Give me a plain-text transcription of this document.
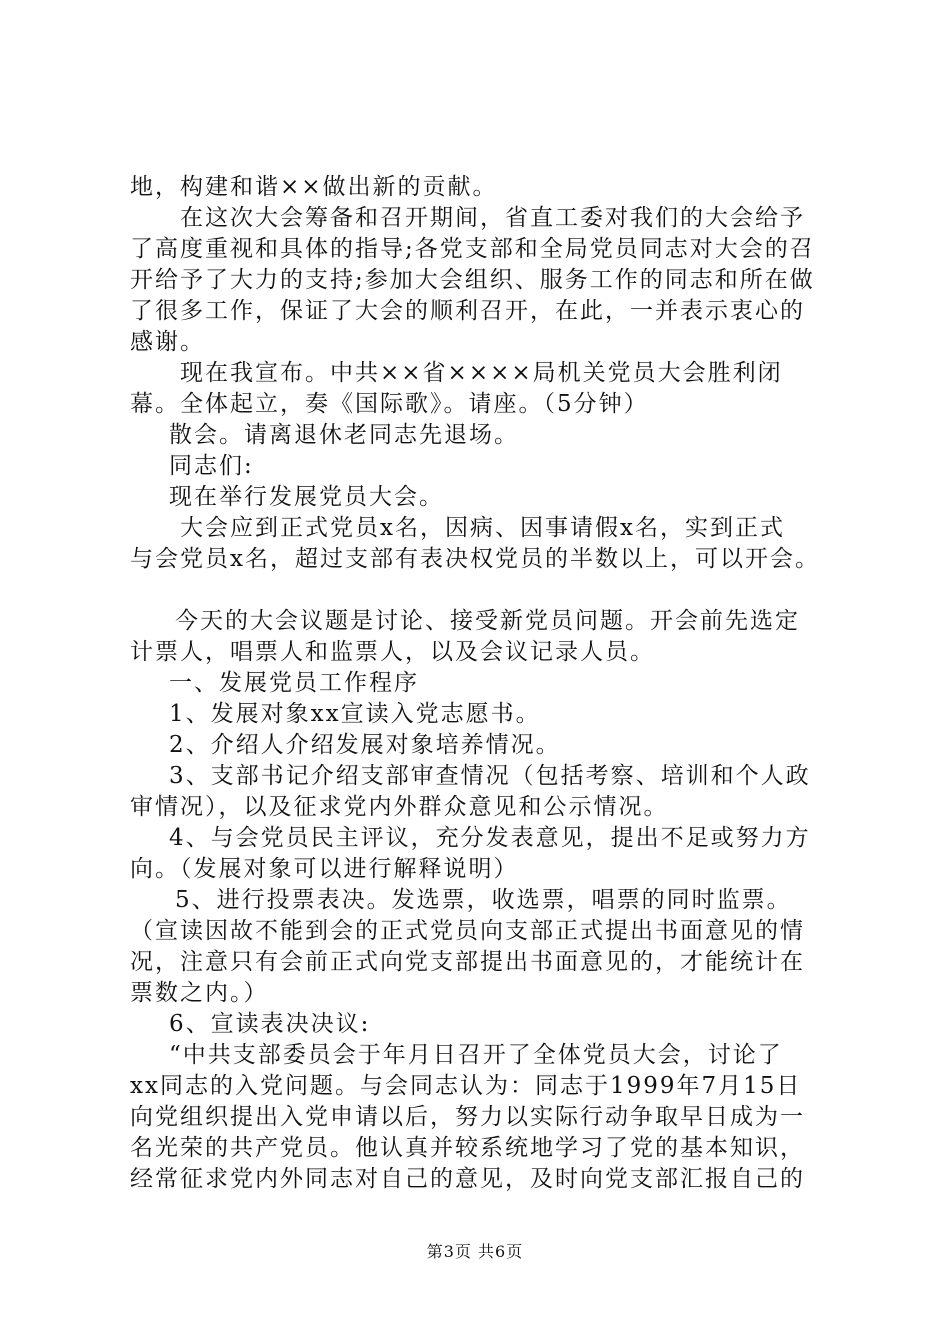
地，构建和谐××做出新的贡献。
在这次大会筹备和召开期间，省直工委对我们的大会给予
了高度重视和具体的指导;各党支部和全局党员同志对大会的召
开给予了大力的支持;参加大会组织、服务工作的同志和所在做
了很多工作，保证了大会的顺利召开，在此，一并表示衷心的
感谢。
现在我宣布。中共××省××××局机关党员大会胜利闭
幕。全体起立，奏《国际歌》。请座。（5分钟）
散会。请离退休老同志先退场。
同志们:
现在举行发展党员大会。
大会应到正式党员x名，因病、因事请假x名，实到正式
与会党员x名，超过支部有表决权党员的半数以上，可以开会。
今天的大会议题是讨论、接受新党员问题。开会前先选定
计票人，唱票人和监票人，以及会议记录人员。
一、发展党员工作程序
1、发展对象xx宣读入党志愿书。
2、介绍人介绍发展对象培养情况。
3、支部书记介绍支部审查情况（包括考察、培训和个人政
审情况），以及征求党内外群众意见和公示情况。
4、与会党员民主评议，充分发表意见，提出不足或努力方
向。（发展对象可以进行解释说明）
5、进行投票表决。发选票，收选票，唱票的同时监票。
（宣读因故不能到会的正式党员向支部正式提出书面意见的情
况，注意只有会前正式向党支部提出书面意见的，才能统计在
票数之内。）
6、宣读表决决议:
“中共支部委员会于年月日召开了全体党员大会，讨论了
xx同志的入党问题。与会同志认为：同志于1999年7月15日
向党组织提出入党申请以后，努力以实际行动争取早日成为一
名光荣的共产党员。他认真并较系统地学习了党的基本知识，
经常征求党内外同志对自己的意见，及时向党支部汇报自己的
第3页 共6页
